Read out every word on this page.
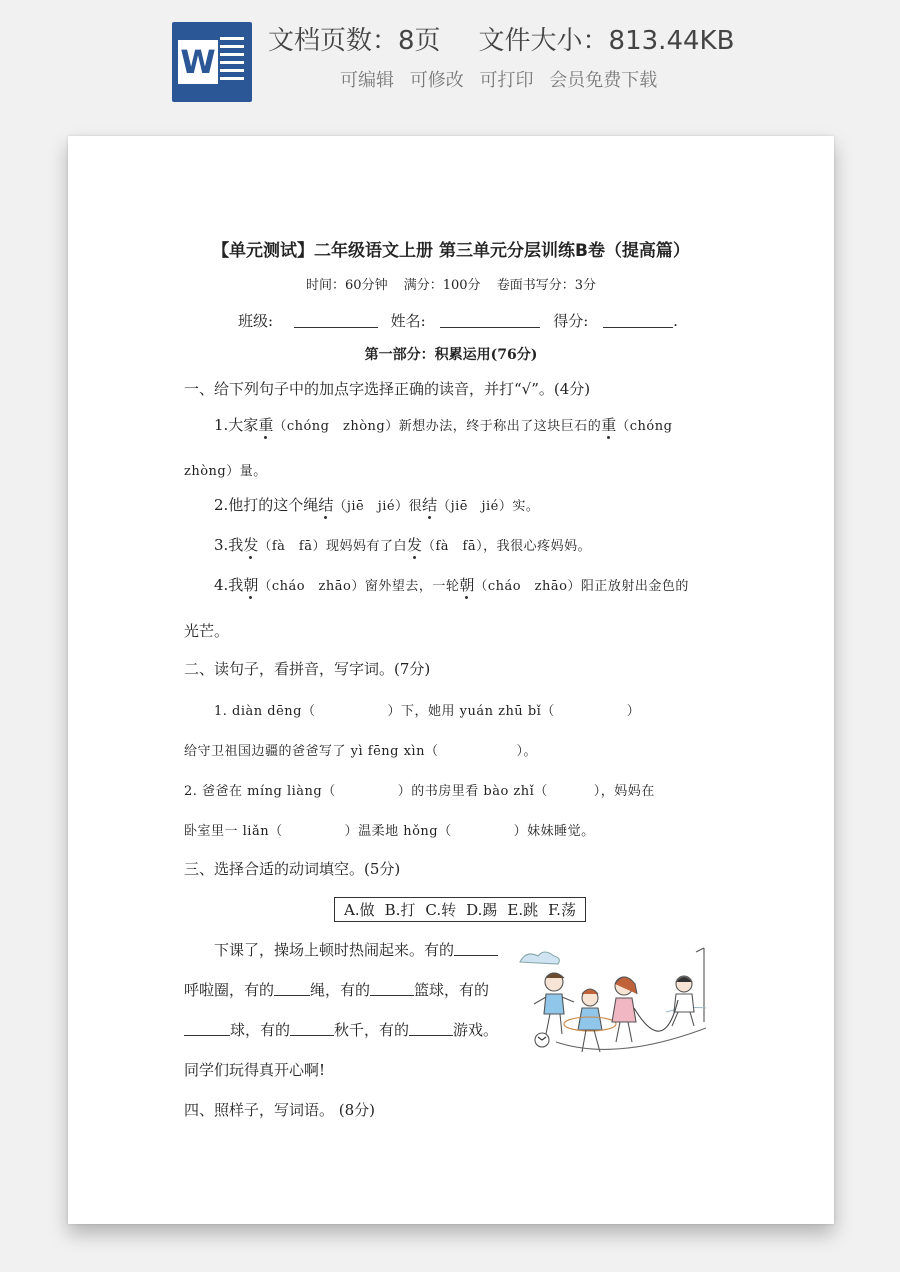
W
文档页数：8页 文件大小：813.44KB
可编辑 可修改 可打印 会员免费下载
【单元测试】二年级语文上册 第三单元分层训练B卷（提高篇）
时间：60分钟 满分：100分 卷面书写分：3分
班级:	姓名:	得分:	.
第一部分：积累运用(76分)
一、给下列句子中的加点字选择正确的读音，并打“√”。(4分)
1.大家重（chóng　zhòng）新想办法，终于称出了这块巨石的重（chóng
zhòng）量。
2.他打的这个绳结（jiē　jié）很结（jiē　jié）实。
3.我发（fà　fā）现妈妈有了白发（fà　fā），我很心疼妈妈。
4.我朝（cháo　zhāo）窗外望去，一轮朝（cháo　zhāo）阳正放射出金色的
光芒。
二、读句子，看拼音，写字词。(7分)
1. diàn dēng（	）下，她用 yuán zhū bǐ（	）
给守卫祖国边疆的爸爸写了 yì fēng xìn（	）。
2. 爸爸在 míng liàng（	）的书房里看 bào zhǐ（	），妈妈在
卧室里一 liǎn（	）温柔地 hǒng（	）妹妹睡觉。
三、选择合适的动词填空。(5分)
A.做 B.打 C.转 D.踢 E.跳 F.荡
下课了，操场上顿时热闹起来。有的
呼啦圈，有的 绳，有的	篮球，有的
球，有的	秋千，有的	游戏。
同学们玩得真开心啊!
四、照样子，写词语。 (8分)
